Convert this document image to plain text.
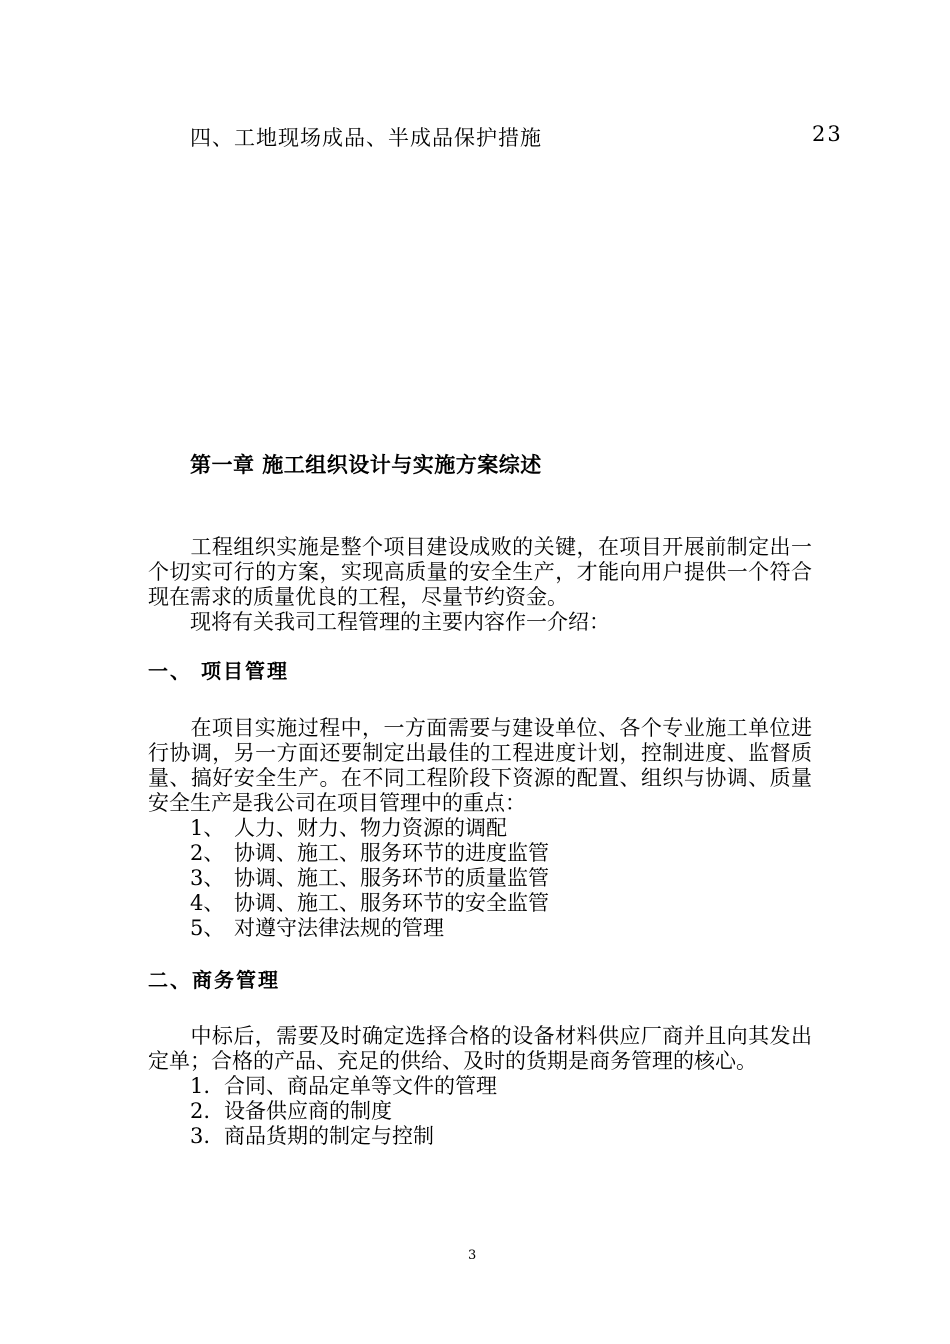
四、工地现场成品、半成品保护措施	23
第一章 施工组织设计与实施方案综述
工程组织实施是整个项目建设成败的关键，在项目开展前制定出一个切实可行的方案，实现高质量的安全生产，才能向用户提供一个符合现在需求的质量优良的工程，尽量节约资金。
现将有关我司工程管理的主要内容作一介绍：
一、 项目管理
在项目实施过程中，一方面需要与建设单位、各个专业施工单位进行协调，另一方面还要制定出最佳的工程进度计划，控制进度、监督质量、搞好安全生产。在不同工程阶段下资源的配置、组织与协调、质量安全生产是我公司在项目管理中的重点：
1、 人力、财力、物力资源的调配
2、 协调、施工、服务环节的进度监管
3、 协调、施工、服务环节的质量监管
4、 协调、施工、服务环节的安全监管
5、 对遵守法律法规的管理
二、商务管理
中标后，需要及时确定选择合格的设备材料供应厂商并且向其发出定单；合格的产品、充足的供给、及时的货期是商务管理的核心。
1. 合同、商品定单等文件的管理
2. 设备供应商的制度
3. 商品货期的制定与控制
3
